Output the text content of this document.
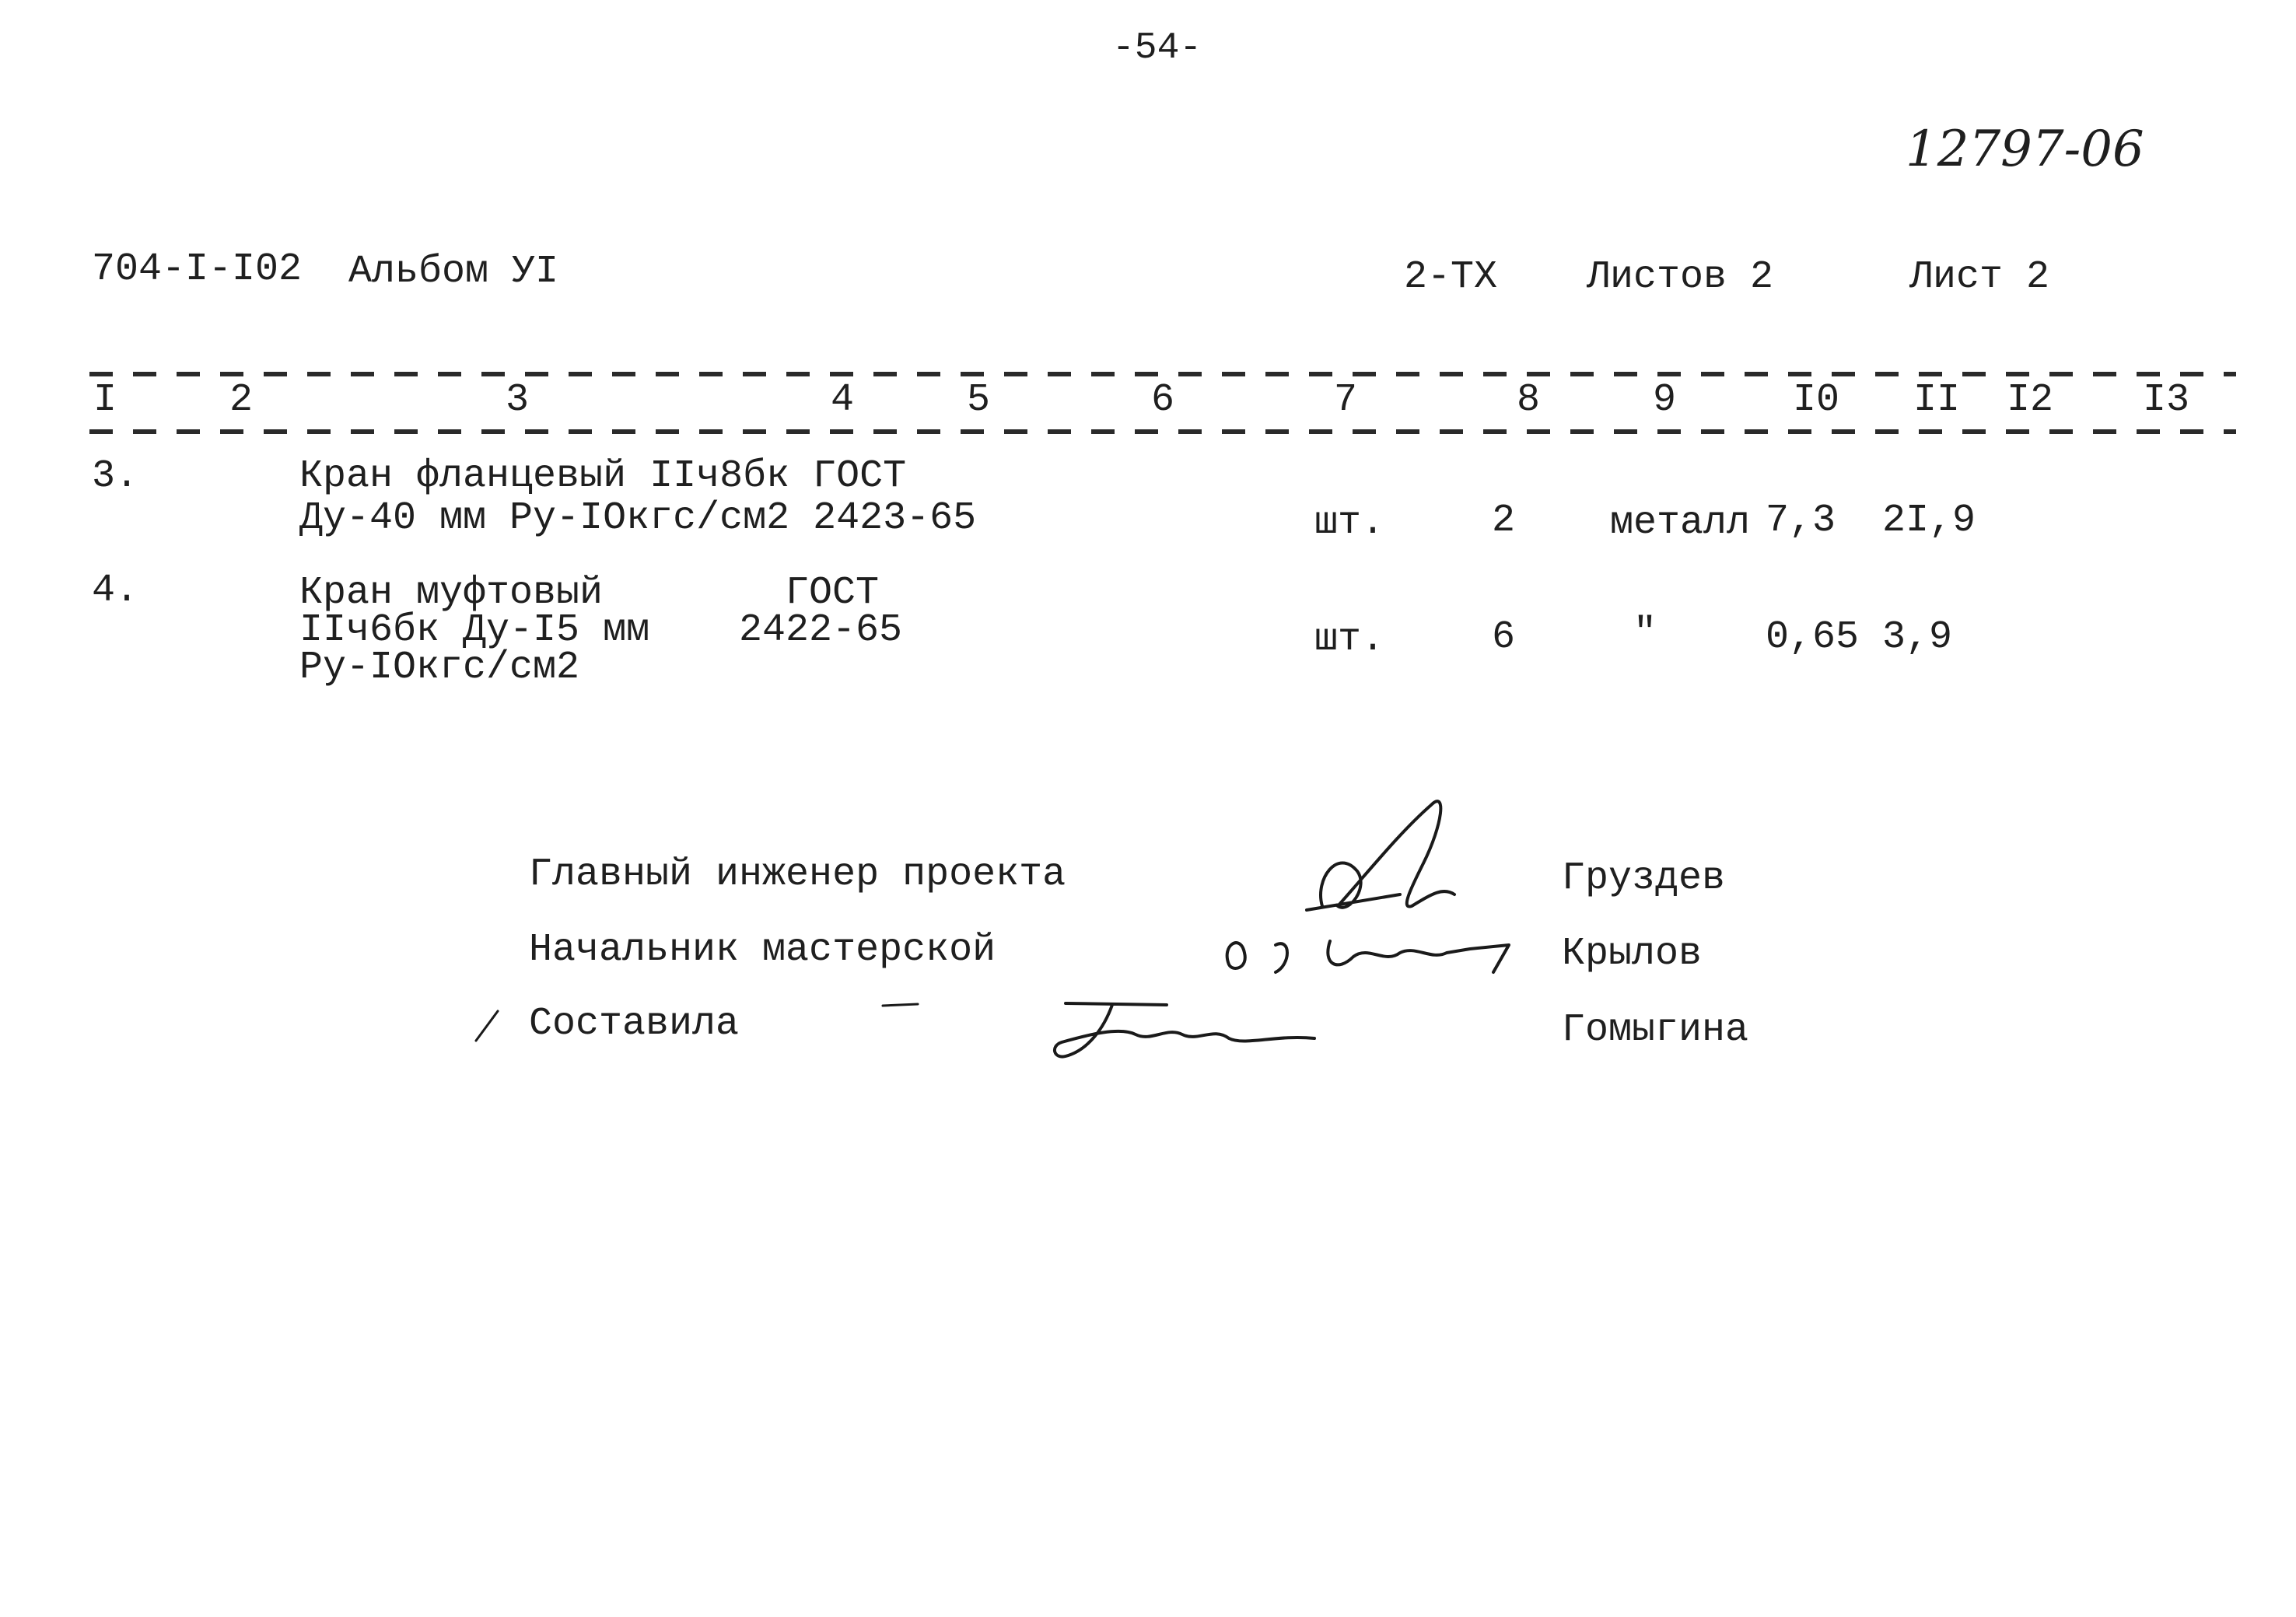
-54-
12797-06
704-I-I02 Альбом УI	2-ТХ Листов 2	Лист 2
I	2	3	4	5	6	7	8	9	I0 II I2 I3
3.	Кран фланцевый IIч8бк ГОСТ
Ду-40 мм Ру-IOкгс/см2 2423-65	шт.	2 металл 7,3 2I,9
4.	Кран муфтовый
IIч6бк Ду-I5 мм
Ру-IOкгс/см2
ГОСТ
2422-65	шт.	6	"	0,65 3,9
Главный инженер проекта	Груздев
Начальник мастерской	Крылов
Составила	Гомыгина
